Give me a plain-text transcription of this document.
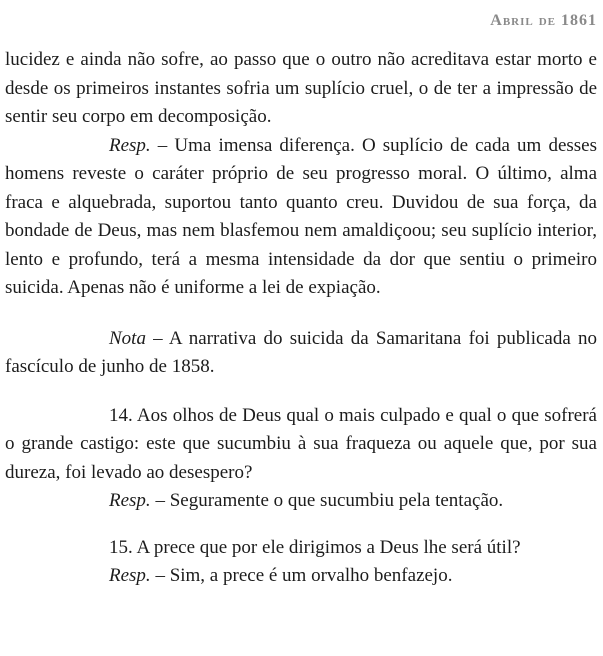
Abril de 1861

lucidez e ainda não sofre, ao passo que o outro não acreditava estar morto e desde os primeiros instantes sofria um suplício cruel, o de ter a impressão de sentir seu corpo em decomposição.

Resp. – Uma imensa diferença. O suplício de cada um desses homens reveste o caráter próprio de seu progresso moral. O último, alma fraca e alquebrada, suportou tanto quanto creu. Duvidou de sua força, da bondade de Deus, mas nem blasfemou nem amaldiçoou; seu suplício interior, lento e profundo, terá a mesma intensidade da dor que sentiu o primeiro suicida. Apenas não é uniforme a lei de expiação.

Nota – A narrativa do suicida da Samaritana foi publicada no fascículo de junho de 1858.

14. Aos olhos de Deus qual o mais culpado e qual o que sofrerá o grande castigo: este que sucumbiu à sua fraqueza ou aquele que, por sua dureza, foi levado ao desespero?

Resp. – Seguramente o que sucumbiu pela tentação.

15. A prece que por ele dirigimos a Deus lhe será útil?

Resp. – Sim, a prece é um orvalho benfazejo.
